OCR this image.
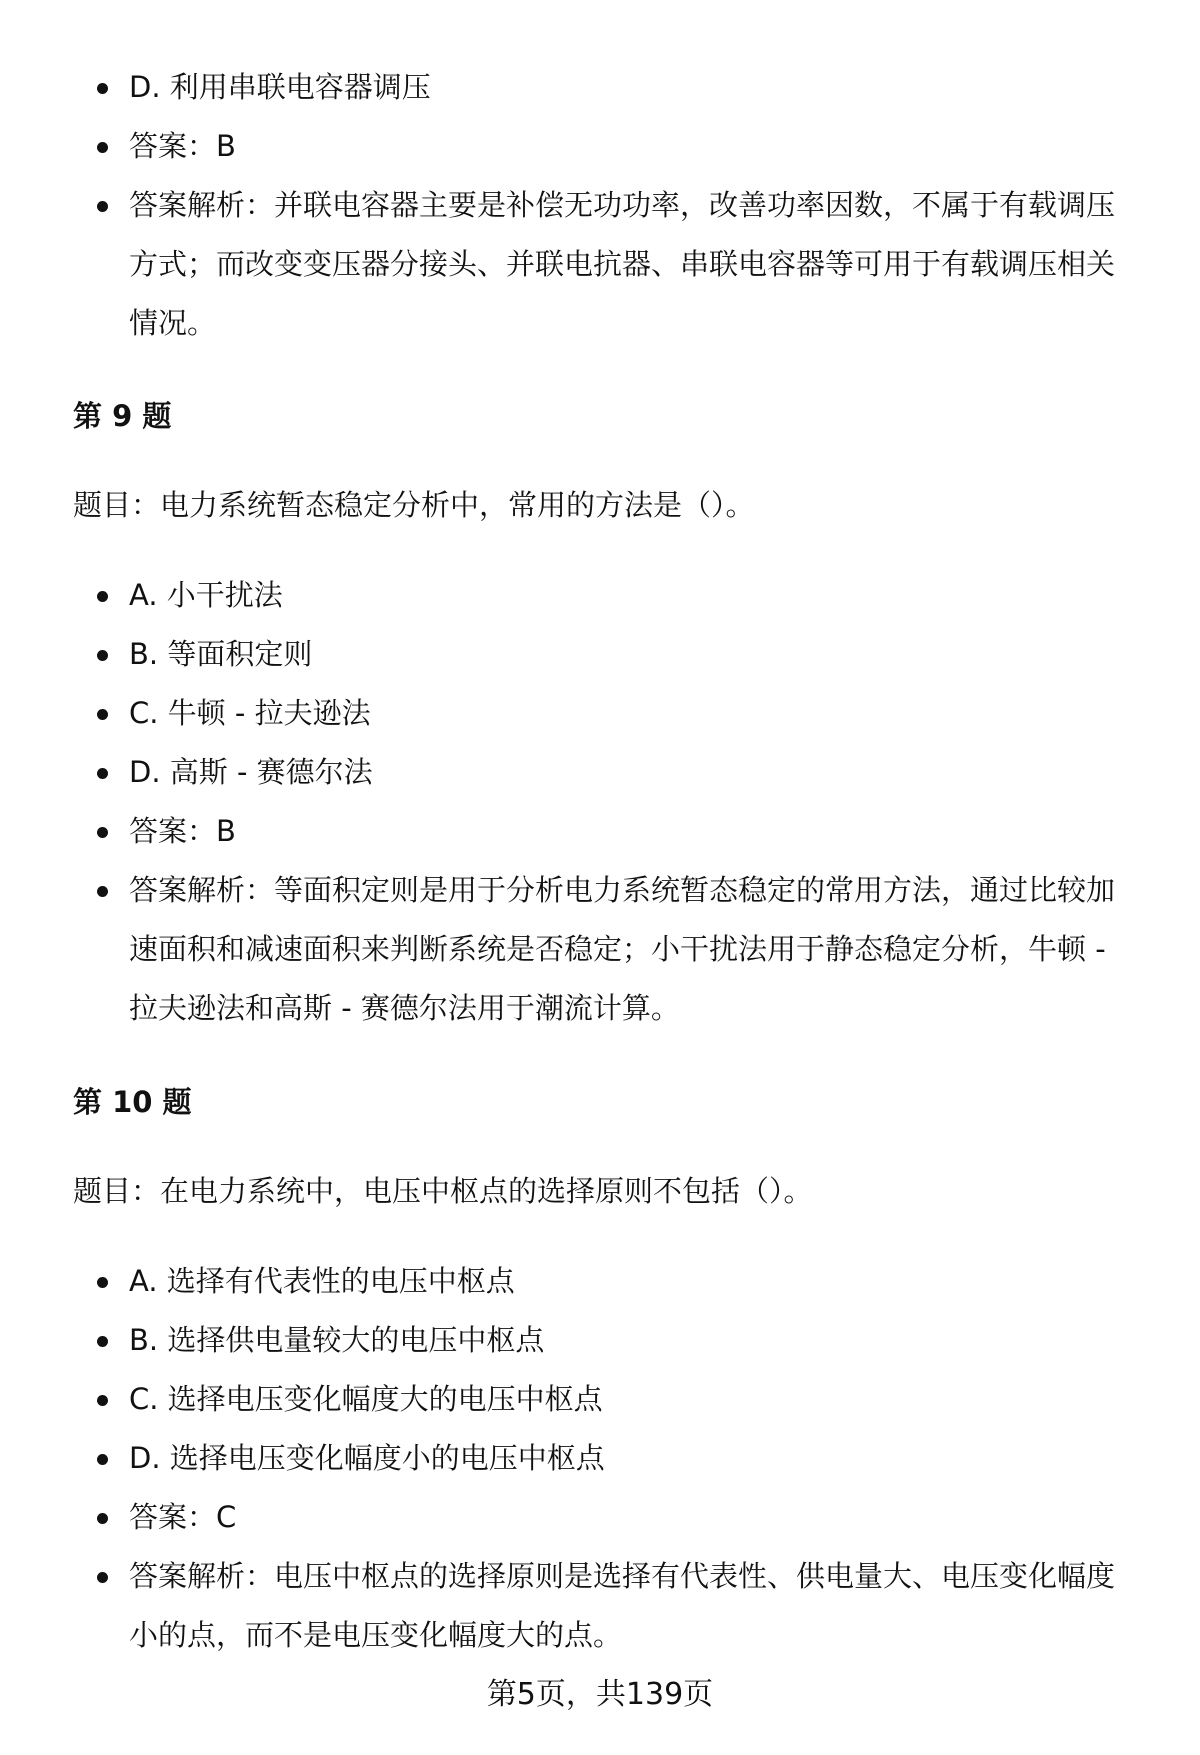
D. 利用串联电容器调压
答案：B
答案解析：并联电容器主要是补偿无功功率，改善功率因数，不属于有载调压方式；而改变变压器分接头、并联电抗器、串联电容器等可用于有载调压相关情况。
第 9 题
题目：电力系统暂态稳定分析中，常用的方法是（）。
A. 小干扰法
B. 等面积定则
C. 牛顿 - 拉夫逊法
D. 高斯 - 赛德尔法
答案：B
答案解析：等面积定则是用于分析电力系统暂态稳定的常用方法，通过比较加速面积和减速面积来判断系统是否稳定；小干扰法用于静态稳定分析，牛顿 - 拉夫逊法和高斯 - 赛德尔法用于潮流计算。
第 10 题
题目：在电力系统中，电压中枢点的选择原则不包括（）。
A. 选择有代表性的电压中枢点
B. 选择供电量较大的电压中枢点
C. 选择电压变化幅度大的电压中枢点
D. 选择电压变化幅度小的电压中枢点
答案：C
答案解析：电压中枢点的选择原则是选择有代表性、供电量大、电压变化幅度小的点，而不是电压变化幅度大的点。
第5页，共139页
